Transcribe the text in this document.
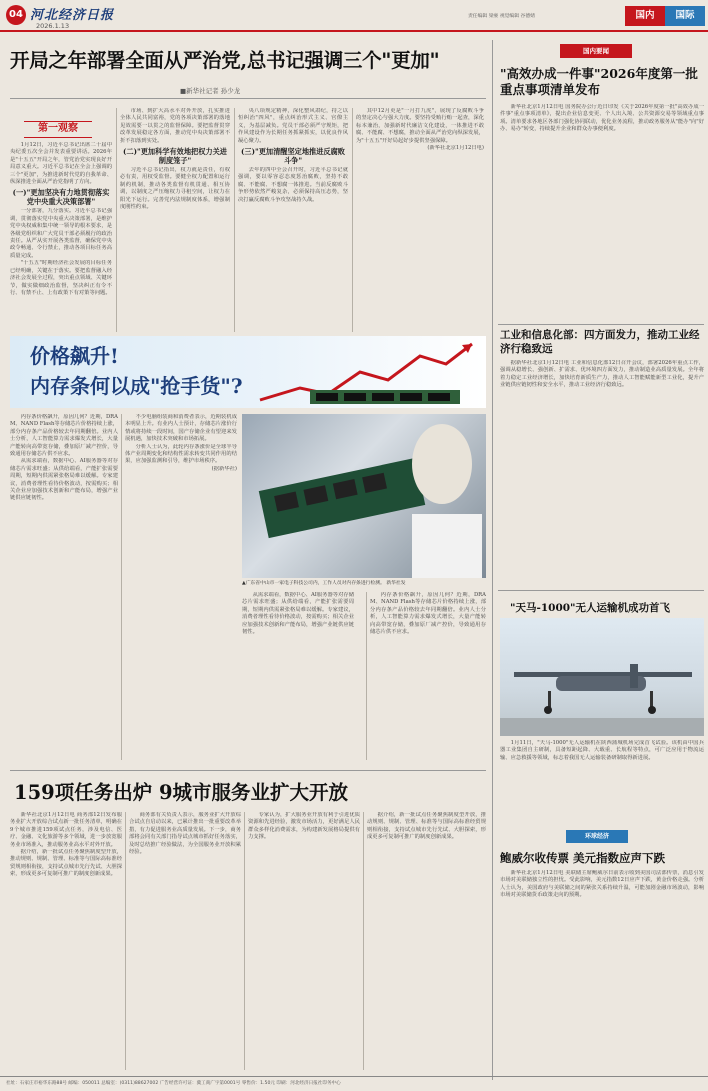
04 河北经济日报
2026.1.13
责任编辑 梁豪 视觉编辑 谷德婧	国内	国际
开局之年部署全面从严治党,总书记强调三个"更加"
■新华社记者 孙少龙
第一观察
1月12日，习近平总书记出席二十届中央纪委五次全会并发表重要讲话。2026年是"十五五"开局之年，管党治党实现良好开局意义重大。习近平总书记在全会上强调的三个"更加"，为推进新时代党的自我革命、纵深推进全面从严治党指明了方向。
(一)"更加坚决有力地贯彻落实党中央重大决策部署"
一分部署，九分落实。习近平总书记强调，贯彻落实党中央重大决策部署，是维护党中央权威和集中统一领导的根本要求，是各级党组织和广大党员干部必须履行的政治责任。从严从实开展各类监督，确保党中央政令畅通、令行禁止，推动各项目标任务高质量完成。
"十五五"时期经济社会发展的目标任务已经明确，关键在于落实。要把监督融入经济社会发展全过程，突出重点领域、关键环节，做实做细政治监督，坚决纠正有令不行、有禁不止、上有政策下有对策等问题。
市场、到扩大高水平对外开放，扎实推进全体人民共同富裕，党的各项决策部署的落地见效需要一以贯之的监督保障。要把监督贯穿改革发展稳定各方面，推动党中央决策部署不折不扣落到实处。
(二)"更加科学有效地把权力关进制度笼子"
习近平总书记指出，权力就是责任，有权必有责，用权受监督。要健全权力配置和运行制约机制，推动各类监督有机贯通、相互协调，以制度之严压缩权力寻租空间，让权力在阳光下运行。完善党内法规制度体系，增强制度刚性约束。
央八项规定精神，深化整风肃纪，持之以恒纠治"四风"，重点纠治形式主义、官僚主义，为基层减负。党员干部必须严守规矩，把作风建设作为长期任务抓紧抓实，以优良作风凝心聚力。
(三)"更加清醒坚定地推进反腐败斗争"
去年的四中全会召开时，习近平总书记就强调，要以零容忍态度惩治腐败，坚持不敢腐、不能腐、不想腐一体推进。当前反腐败斗争形势依然严峻复杂，必须保持高压态势，坚决打赢反腐败斗争攻坚战持久战。
其中12月更是"一月打九虎"，展现了反腐败斗争的坚定决心与强大力度。要坚持受贿行贿一起查，深化标本兼治，加强新时代廉洁文化建设，一体推进不敢腐、不能腐、不想腐，推动全面从严治党向纵深发展，为"十五五"开好局起好步提供坚强保障。
(新华社北京1月12日电)
价格飙升!
内存条何以成"抢手货"?
内存条价格飙升，原因几何？近期，DRAM、NAND Flash等存储芯片价格持续上涨，部分内存条产品价格较去年同期翻倍。业内人士分析，人工智能算力需求爆发式增长，大量产能转向高带宽存储，叠加原厂减产控价，导致通用存储芯片供不应求。
从需求端看，数据中心、AI服务器等对存储芯片需求旺盛；从供给端看，产能扩张需要周期，短期内供需紧张格局难以缓解。专家建议，消费者理性看待价格波动，按需购买；相关企业应加强技术创新和产能布局，增强产业链供应链韧性。
不少电脑组装商和消费者表示，近期装机成本明显上升。有业内人士预计，存储芯片涨价行情或将持续一段时间，国产存储企业有望迎来发展机遇，加快技术突破和市场拓展。
分析人士认为，此轮内存条涨价是全球半导体产业周期变化和结构性需求转变共同作用的结果，应加强监测和引导，维护市场秩序。
(据新华社)
▲广东省中山市一家电子科技公司内，工作人员对内存条进行检测。 新华社发
从需求端看，数据中心、AI服务器等对存储芯片需求旺盛；从供给端看，产能扩张需要周期，短期内供需紧张格局难以缓解。专家建议，消费者理性看待价格波动，按需购买；相关企业应加强技术创新和产能布局，增强产业链供应链韧性。
内存条价格飙升，原因几何？近期，DRAM、NAND Flash等存储芯片价格持续上涨，部分内存条产品价格较去年同期翻倍。业内人士分析，人工智能算力需求爆发式增长，大量产能转向高带宽存储，叠加原厂减产控价，导致通用存储芯片供不应求。
159项任务出炉 9城市服务业扩大开放
新华社北京1月12日电 商务部12日发布服务业扩大开放综合试点新一批任务清单，明确在9个城市推进159项试点任务，涉及电信、医疗、金融、文化旅游等多个领域，进一步放宽服务业市场准入，推动服务业高水平对外开放。
据介绍，新一批试点任务聚焦制度型开放，推动规则、规制、管理、标准等与国际高标准经贸规则相衔接，支持试点城市先行先试、大胆探索，形成更多可复制可推广的制度创新成果。
商务部有关负责人表示，服务业扩大开放综合试点自启动以来，已累计推出一批重要改革举措，有力促进服务业高质量发展。下一步，商务部将会同有关部门指导试点城市抓好任务落实，及时总结推广经验做法，为全国服务业开放积累经验。
专家认为，扩大服务业开放有利于引进优质资源和先进经验，激发市场活力，更好满足人民群众多样化消费需求，为构建新发展格局提供有力支撑。
据介绍，新一批试点任务聚焦制度型开放，推动规则、规制、管理、标准等与国际高标准经贸规则相衔接，支持试点城市先行先试、大胆探索，形成更多可复制可推广的制度创新成果。
国内要闻
"高效办成一件事"2026年度第一批重点事项清单发布
新华社北京1月12日电 国务院办公厅近日印发《关于2026年度第一批"高效办成一件事"重点事项清单》，提出企业信息变更、个人出入境、公共资源交易等领域重点事项。清单要求各地区各部门强化协同联动，优化业务流程，推动政务服务从"能办"向"好办、易办"转变，持续提升企业和群众办事便利度。
工业和信息化部：四方面发力，推动工业经济行稳致远
据新华社北京1月12日电 工业和信息化部12日召开会议，部署2026年重点工作，强调从稳增长、强创新、扩需求、优环境四方面发力，推动制造业高质量发展。全年将着力稳定工业经济增长，加快培育新质生产力，推动人工智能赋能新型工业化，提升产业链供应链韧性和安全水平，推动工业经济行稳致远。
"天马-1000"无人运输机成功首飞
1月11日，"天马-1000"无人运输机在陕西蒲城机场完成首飞试验。该机由中国兵器工业集团自主研制，具备短距起降、大载重、长航程等特点，可广泛应用于物流运输、应急救援等领域，标志着我国无人运输装备研制取得新进展。
环球经济
鲍威尔收传票 美元指数应声下跌
新华社北京1月12日电 美联储主席鲍威尔日前表示收到美国司法部传票，消息引发市场对美联储独立性的担忧。受此影响，美元指数12日应声下跌，黄金价格走强。分析人士认为，美国政府与美联储之间的紧张关系持续升温，可能加剧金融市场波动，影响市场对美联储货币政策走向的预期。
社址：石家庄市裕华东路88号 邮编：050011 总编室：(0311)88627002 广告经营许可证：冀工商广字第0001号 零售价：1.50元 印刷：河北经济日报社印务中心
